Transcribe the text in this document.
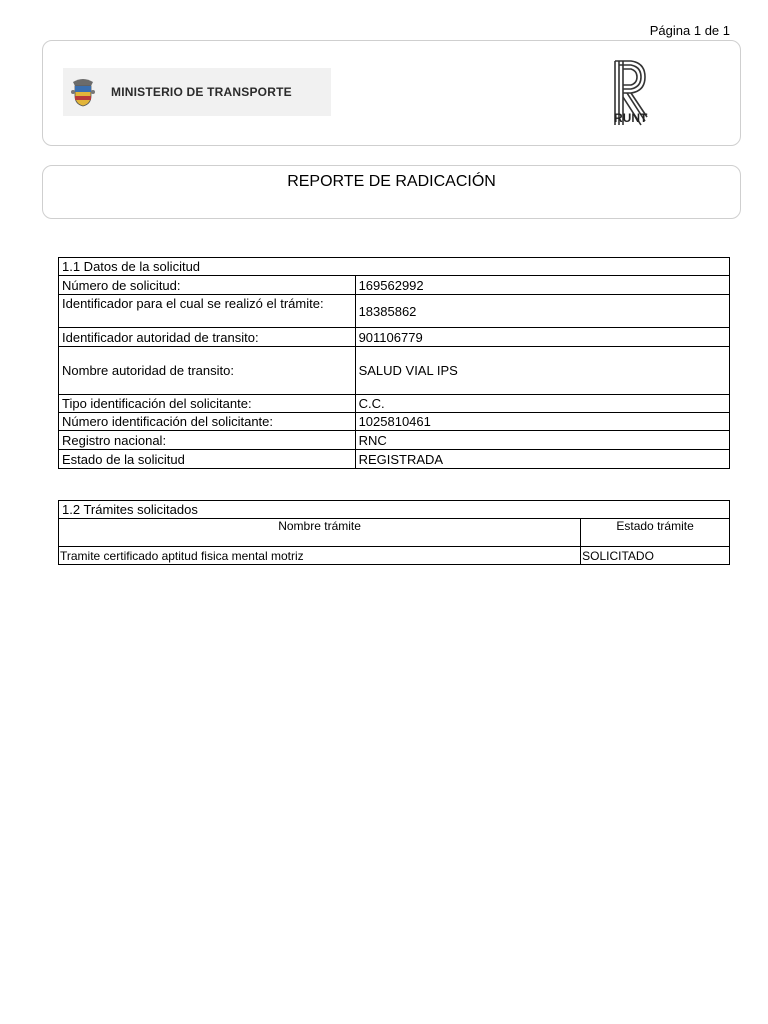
Página 1 de 1
MINISTERIO DE TRANSPORTE
RUNT
REPORTE DE RADICACIÓN
1.1 Datos de la solicitud	
Número de solicitud:	169562992
Identificador para el cual se realizó el trámite:	18385862
Identificador autoridad de transito:	901106779
Nombre autoridad de transito:	SALUD VIAL IPS
Tipo identificación del solicitante:	C.C.
Número identificación del solicitante:	1025810461
Registro nacional:	RNC
Estado de la solicitud	REGISTRADA
1.2 Trámites solicitados	
Nombre trámite	Estado trámite
Tramite certificado aptitud fisica mental motriz	SOLICITADO
